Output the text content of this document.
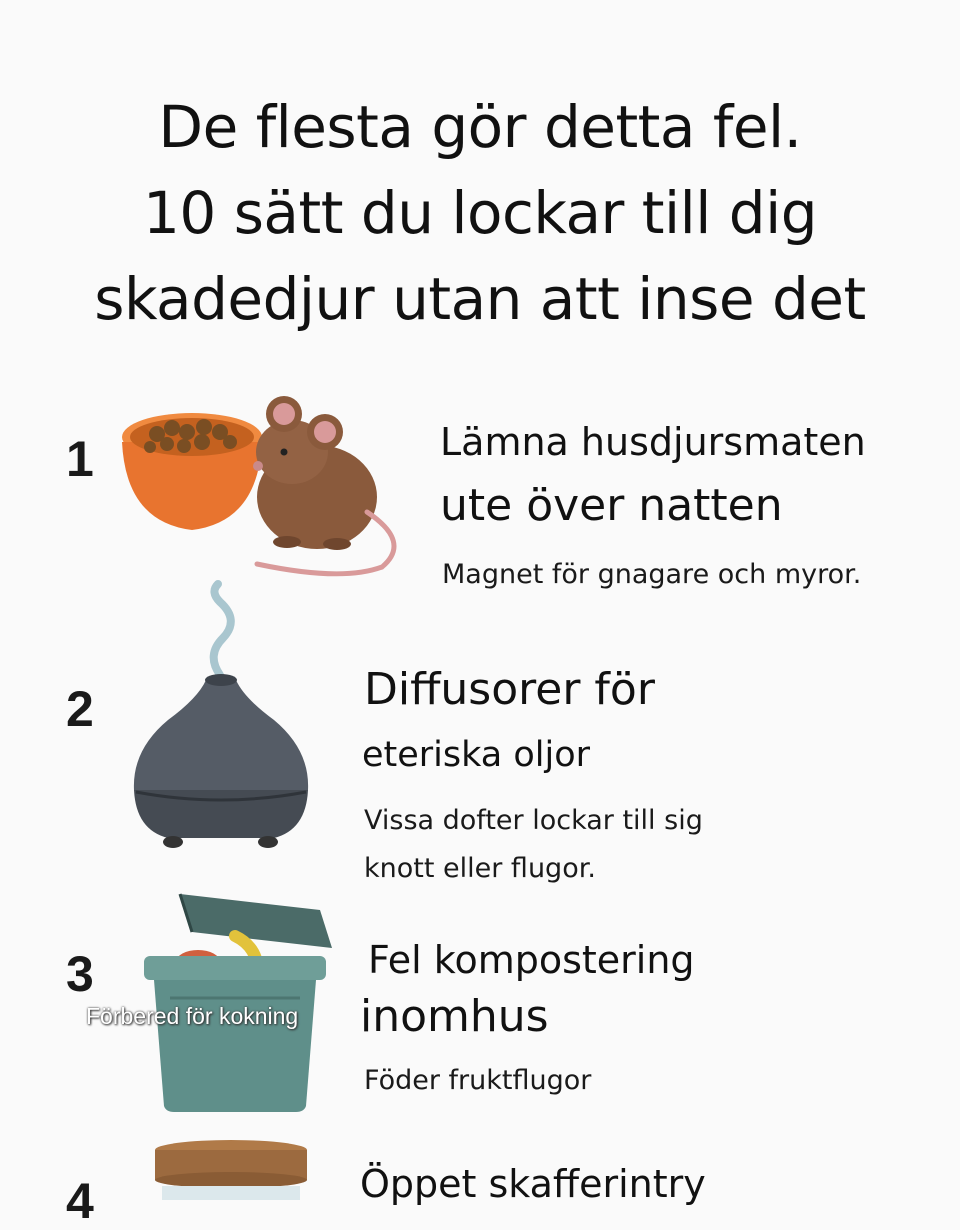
De flesta gör detta fel.
10 sätt du lockar till dig
skadedjur utan att inse det
1	Lämna husdjursmaten
ute över natten
Magnet för gnagare och myror.
2	Diffusorer för
eteriska oljor
Vissa dofter lockar till sig
knott eller flugor.
3
Förbered för kokning
Fel kompostering
inomhus
Föder fruktflugor
4	Öppet skafferintry
